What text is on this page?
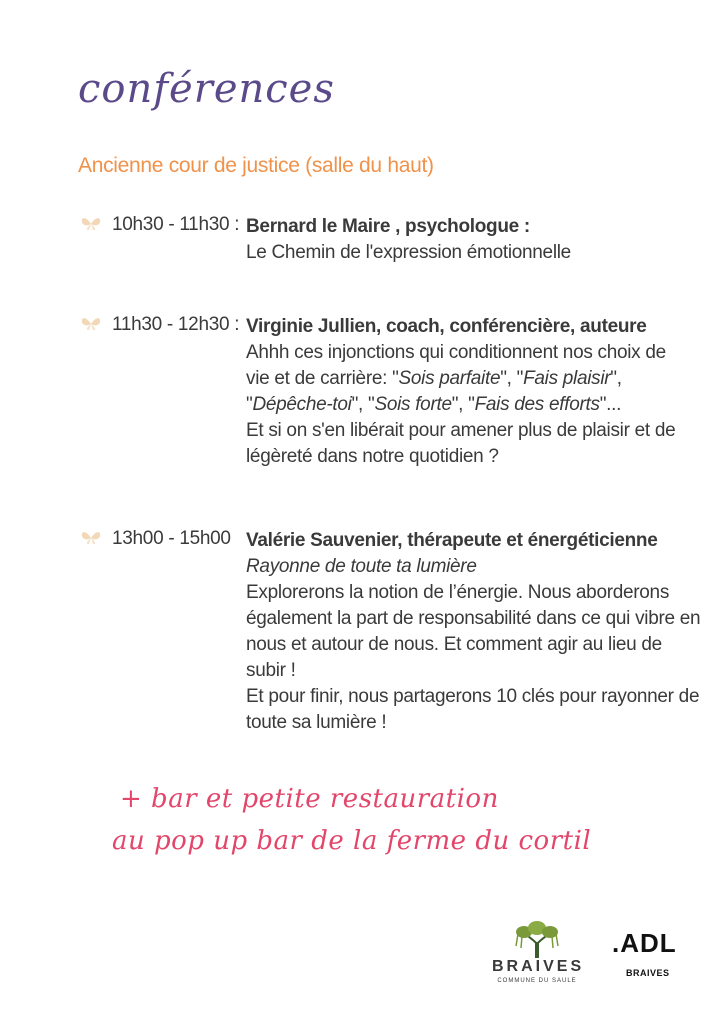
conférences
Ancienne cour de justice (salle du haut)
10h30 - 11h30 : Bernard le Maire , psychologue :

Le Chemin de l'expression émotionnelle

11h30 - 12h30 : Virginie Jullien, coach, conférencière, auteure

Ahhh ces injonctions qui conditionnent nos choix de

vie et de carrière: "Sois parfaite", "Fais plaisir",

"Dépêche-toi", "Sois forte", "Fais des efforts"...

Et si on s'en libérait pour amener plus de plaisir et de

légèreté dans notre quotidien ?

13h00 - 15h00 Valérie Sauvenier, thérapeute et énergéticienne

Rayonne de toute ta lumière

Explorerons la notion de l’énergie. Nous aborderons

également la part de responsabilité dans ce qui vibre en

nous et autour de nous. Et comment agir au lieu de subir !

Et pour finir, nous partagerons 10 clés pour rayonner de

toute sa lumière !

+ bar et petite restauration
au pop up bar de la ferme du cortil
BRAIVES
COMMUNE DU SAULE
.ADL
BRAIVES
